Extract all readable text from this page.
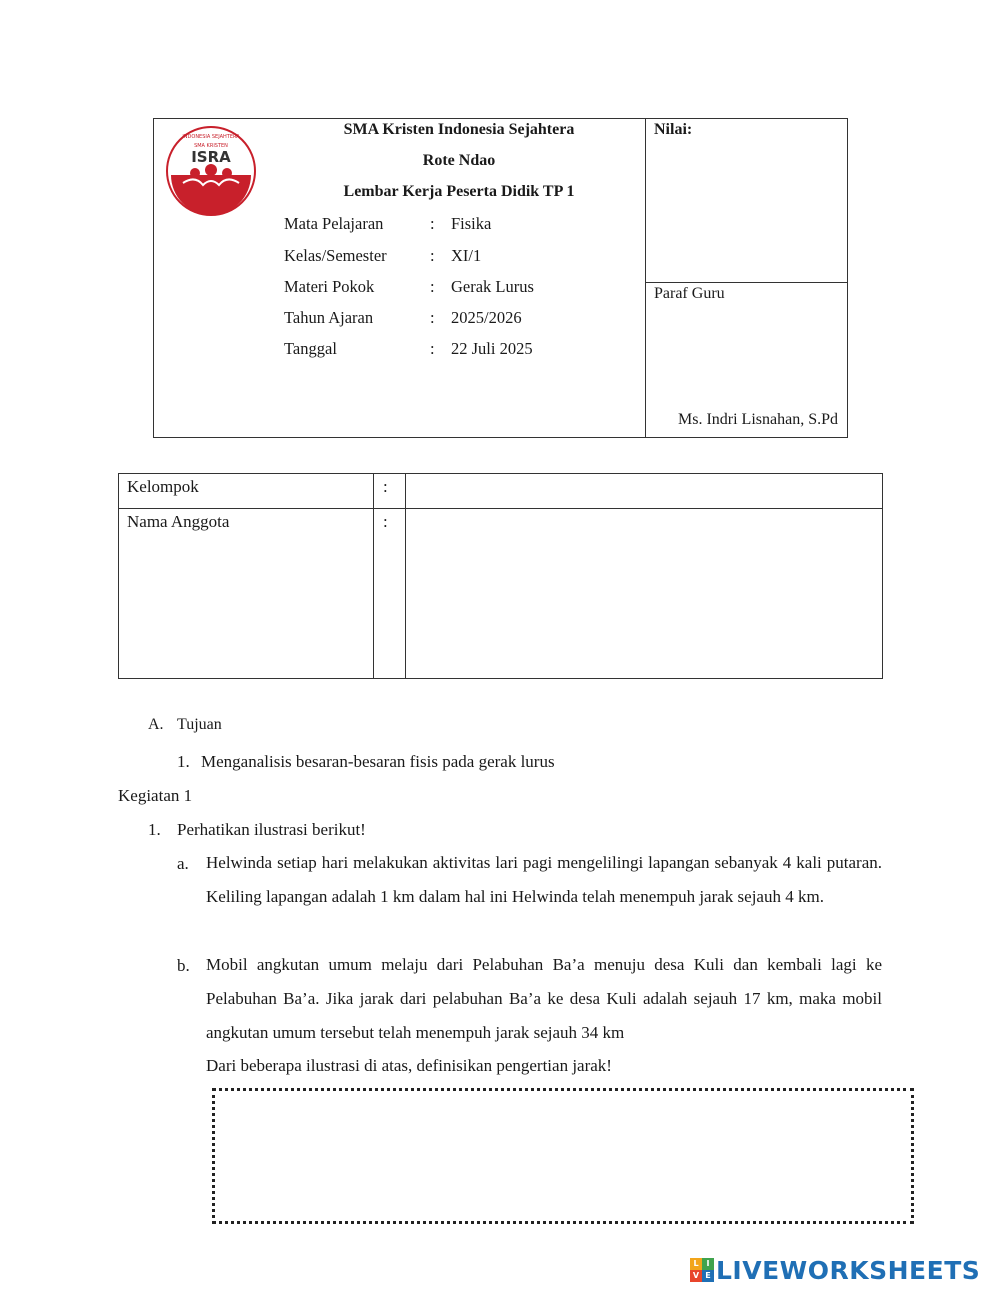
SMA KRISTEN
ISRA
INDONESIA SEJAHTERA	SMA Kristen Indonesia Sejahtera
Rote Ndao
Lembar Kerja Peserta Didik TP 1
Mata Pelajaran	: Fisika
Kelas/Semester	: XI/1
Materi Pokok	: Gerak Lurus
Tahun Ajaran	: 2025/2026
Tanggal	: 22 Juli 2025
Nilai:
Paraf Guru
Ms. Indri Lisnahan, S.Pd
Kelompok	:
Nama Anggota	:
A. Tujuan
1. Menganalisis besaran-besaran fisis pada gerak lurus
Kegiatan 1
1. Perhatikan ilustrasi berikut!
a. Helwinda setiap hari melakukan aktivitas lari pagi mengelilingi lapangan sebanyak 4 kali putaran. Keliling lapangan adalah 1 km dalam hal ini Helwinda telah menempuh jarak sejauh 4 km.
b. Mobil angkutan umum melaju dari Pelabuhan Ba’a menuju desa Kuli dan kembali lagi ke Pelabuhan Ba’a. Jika jarak dari pelabuhan Ba’a ke desa Kuli adalah sejauh 17 km, maka mobil angkutan umum tersebut telah menempuh jarak sejauh 34 km
Dari beberapa ilustrasi di atas, definisikan pengertian jarak!
L I
V E LIVEWORKSHEETS
